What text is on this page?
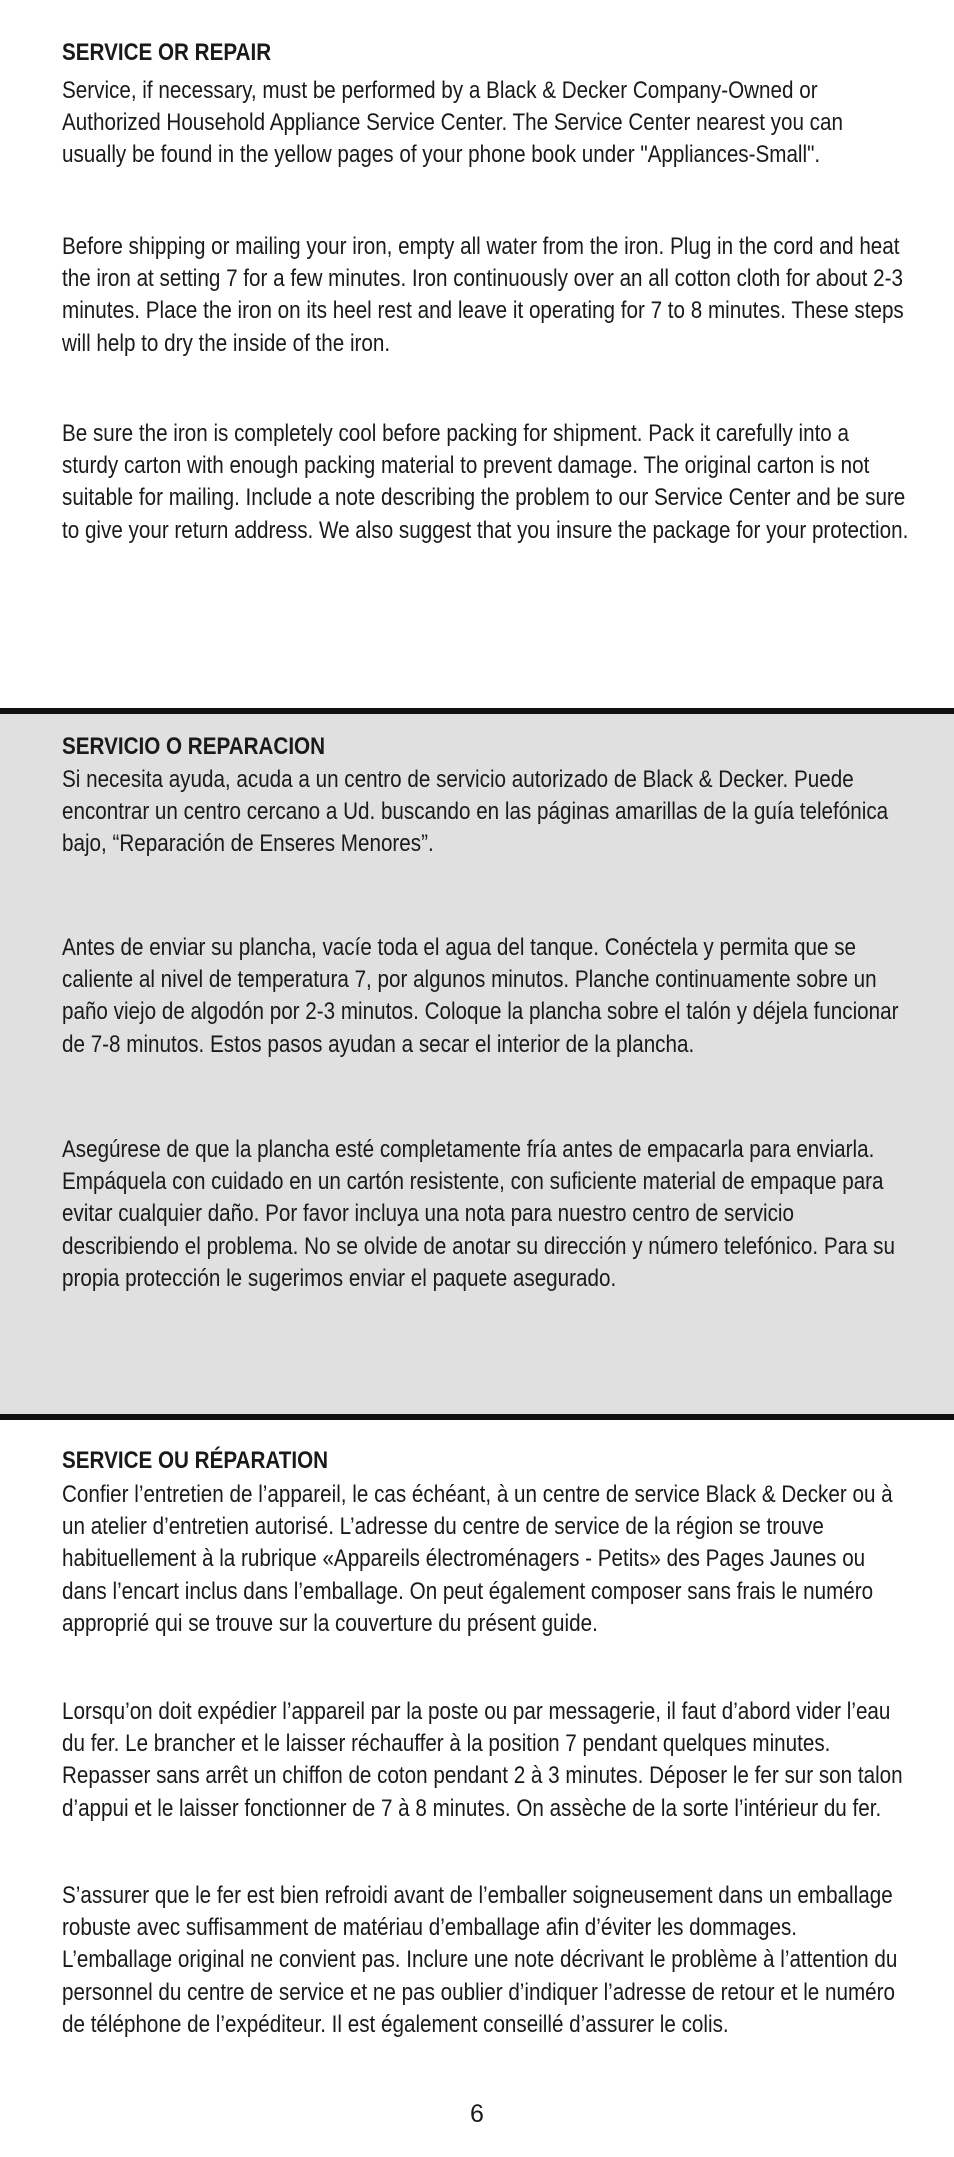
SERVICE OR REPAIR

Service, if necessary, must be performed by a Black & Decker Company-Owned or Authorized Household Appliance Service Center. The Service Center nearest you can usually be found in the yellow pages of your phone book under "Appliances-Small".

Before shipping or mailing your iron, empty all water from the iron. Plug in the cord and heat the iron at setting 7 for a few minutes. Iron continuously over an all cotton cloth for about 2-3 minutes. Place the iron on its heel rest and leave it operating for 7 to 8 minutes. These steps will help to dry the inside of the iron.

Be sure the iron is completely cool before packing for shipment. Pack it carefully into a sturdy carton with enough packing material to prevent damage. The original carton is not suitable for mailing. Include a note describing the problem to our Service Center and be sure to give your return address. We also suggest that you insure the package for your protection.

SERVICIO O REPARACION

Si necesita ayuda, acuda a un centro de servicio autorizado de Black & Decker. Puede encontrar un centro cercano a Ud. buscando en las páginas amarillas de la guía telefónica bajo, “Reparación de Enseres Menores”.

Antes de enviar su plancha, vacíe toda el agua del tanque. Conéctela y permita que se caliente al nivel de temperatura 7, por algunos minutos. Planche continuamente sobre un paño viejo de algodón por 2-3 minutos. Coloque la plancha sobre el talón y déjela funcionar de 7-8 minutos. Estos pasos ayudan a secar el interior de la plancha.

Asegúrese de que la plancha esté completamente fría antes de empacarla para enviarla. Empáquela con cuidado en un cartón resistente, con suficiente material de empaque para evitar cualquier daño. Por favor incluya una nota para nuestro centro de servicio describiendo el problema. No se olvide de anotar su dirección y número telefónico. Para su propia protección le sugerimos enviar el paquete asegurado.

SERVICE OU RÉPARATION

Confier l’entretien de l’appareil, le cas échéant, à un centre de service Black & Decker ou à un atelier d’entretien autorisé. L’adresse du centre de service de la région se trouve habituellement à la rubrique «Appareils électroménagers - Petits» des Pages Jaunes ou dans l’encart inclus dans l’emballage. On peut également composer sans frais le numéro approprié qui se trouve sur la couverture du présent guide.

Lorsqu’on doit expédier l’appareil par la poste ou par messagerie, il faut d’abord vider l’eau du fer. Le brancher et le laisser réchauffer à la position 7 pendant quelques minutes. Repasser sans arrêt un chiffon de coton pendant 2 à 3 minutes. Déposer le fer sur son talon d’appui et le laisser fonctionner de 7 à 8 minutes. On assèche de la sorte l’intérieur du fer.

S’assurer que le fer est bien refroidi avant de l’emballer soigneusement dans un emballage robuste avec suffisamment de matériau d’emballage afin d’éviter les dommages. L’emballage original ne convient pas. Inclure une note décrivant le problème à l’attention du personnel du centre de service et ne pas oublier d’indiquer l’adresse de retour et le numéro de téléphone de l’expéditeur. Il est également conseillé d’assurer le colis.

6
